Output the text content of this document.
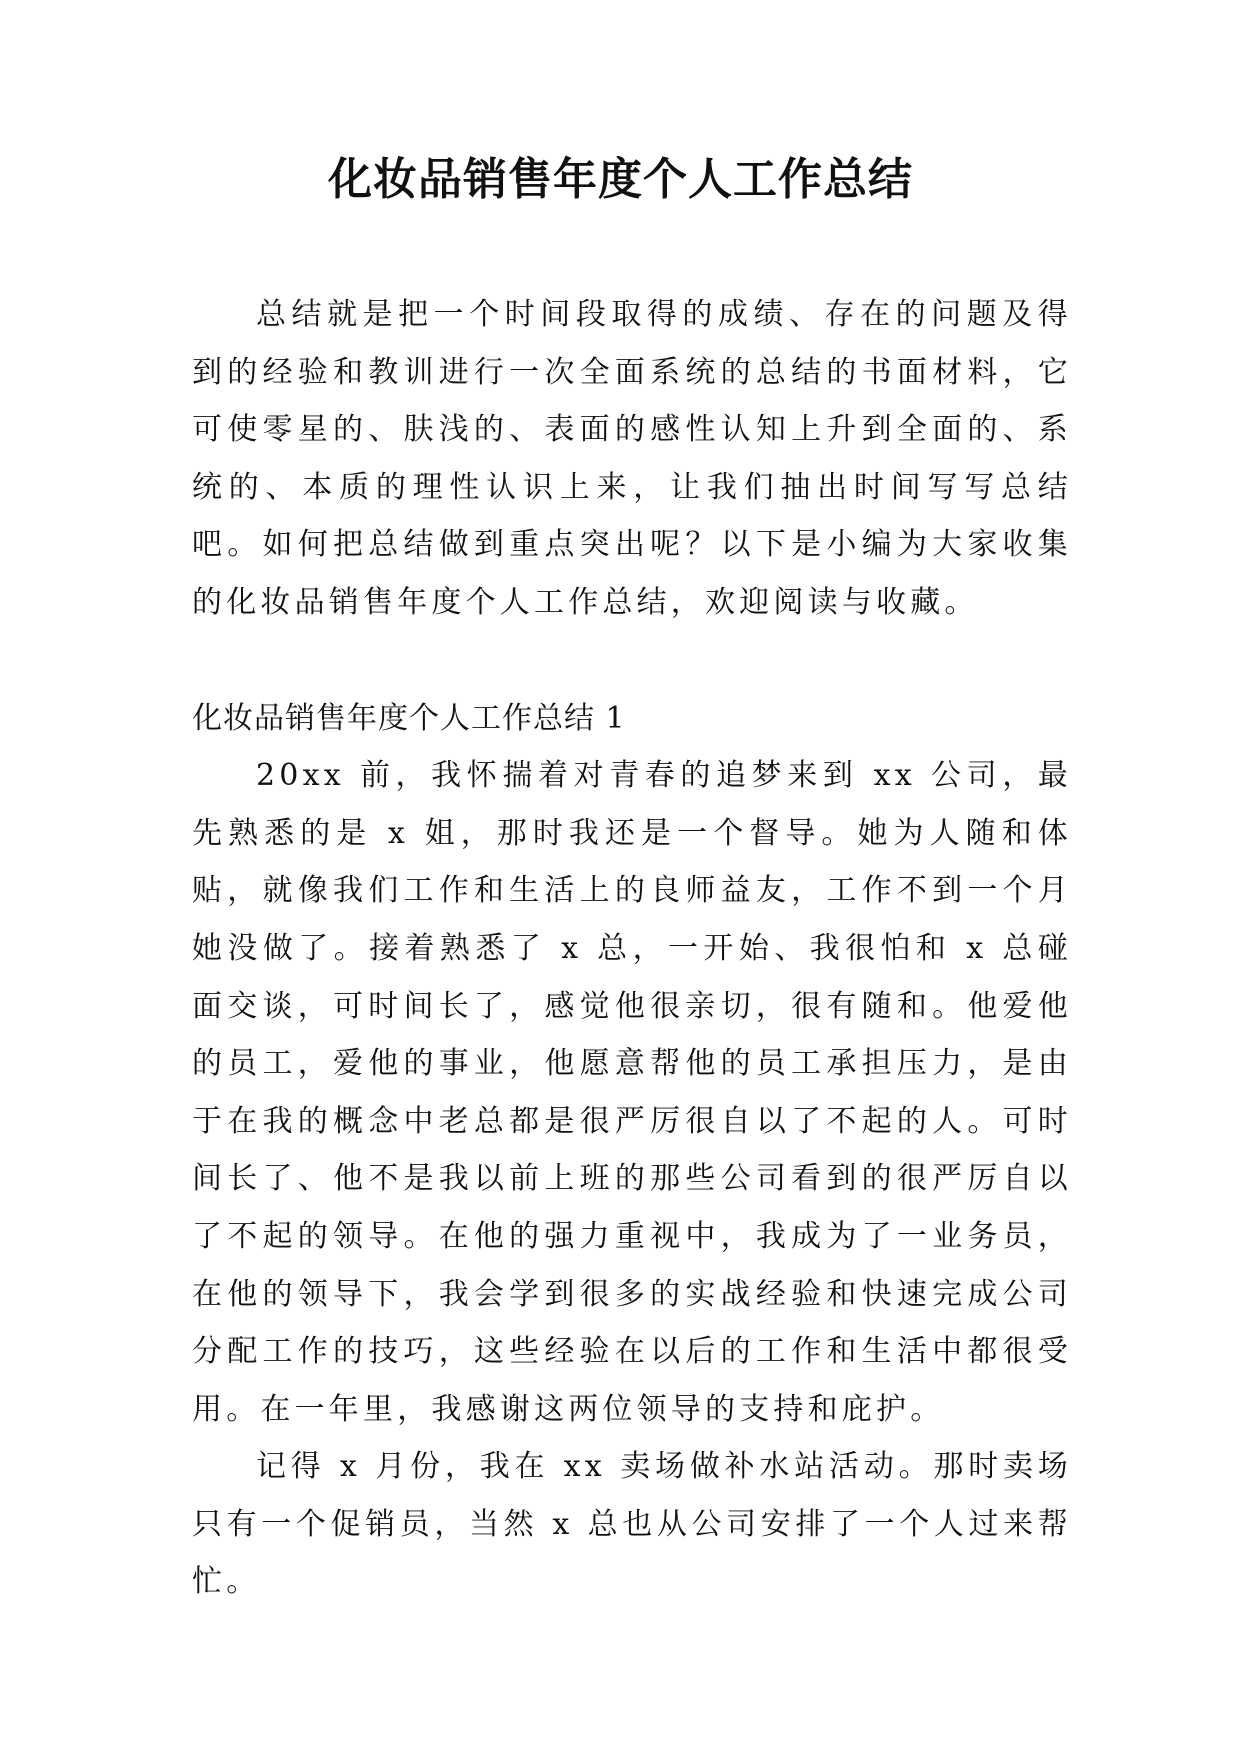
化妆品销售年度个人工作总结

总结就是把一个时间段取得的成绩、存在的问题及得到的经验和教训进行一次全面系统的总结的书面材料，它可使零星的、肤浅的、表面的感性认知上升到全面的、系统的、本质的理性认识上来，让我们抽出时间写写总结吧。如何把总结做到重点突出呢？以下是小编为大家收集的化妆品销售年度个人工作总结，欢迎阅读与收藏。

化妆品销售年度个人工作总结 1

20xx 前，我怀揣着对青春的追梦来到 xx 公司，最先熟悉的是 x 姐，那时我还是一个督导。她为人随和体贴，就像我们工作和生活上的良师益友，工作不到一个月她没做了。接着熟悉了 x 总，一开始、我很怕和 x 总碰面交谈，可时间长了，感觉他很亲切，很有随和。他爱他的员工，爱他的事业，他愿意帮他的员工承担压力，是由于在我的概念中老总都是很严厉很自以了不起的人。可时间长了、他不是我以前上班的那些公司看到的很严厉自以了不起的领导。在他的强力重视中，我成为了一业务员，在他的领导下，我会学到很多的实战经验和快速完成公司分配工作的技巧，这些经验在以后的工作和生活中都很受用。在一年里，我感谢这两位领导的支持和庇护。

记得 x 月份，我在 xx 卖场做补水站活动。那时卖场只有一个促销员，当然 x 总也从公司安排了一个人过来帮忙。
